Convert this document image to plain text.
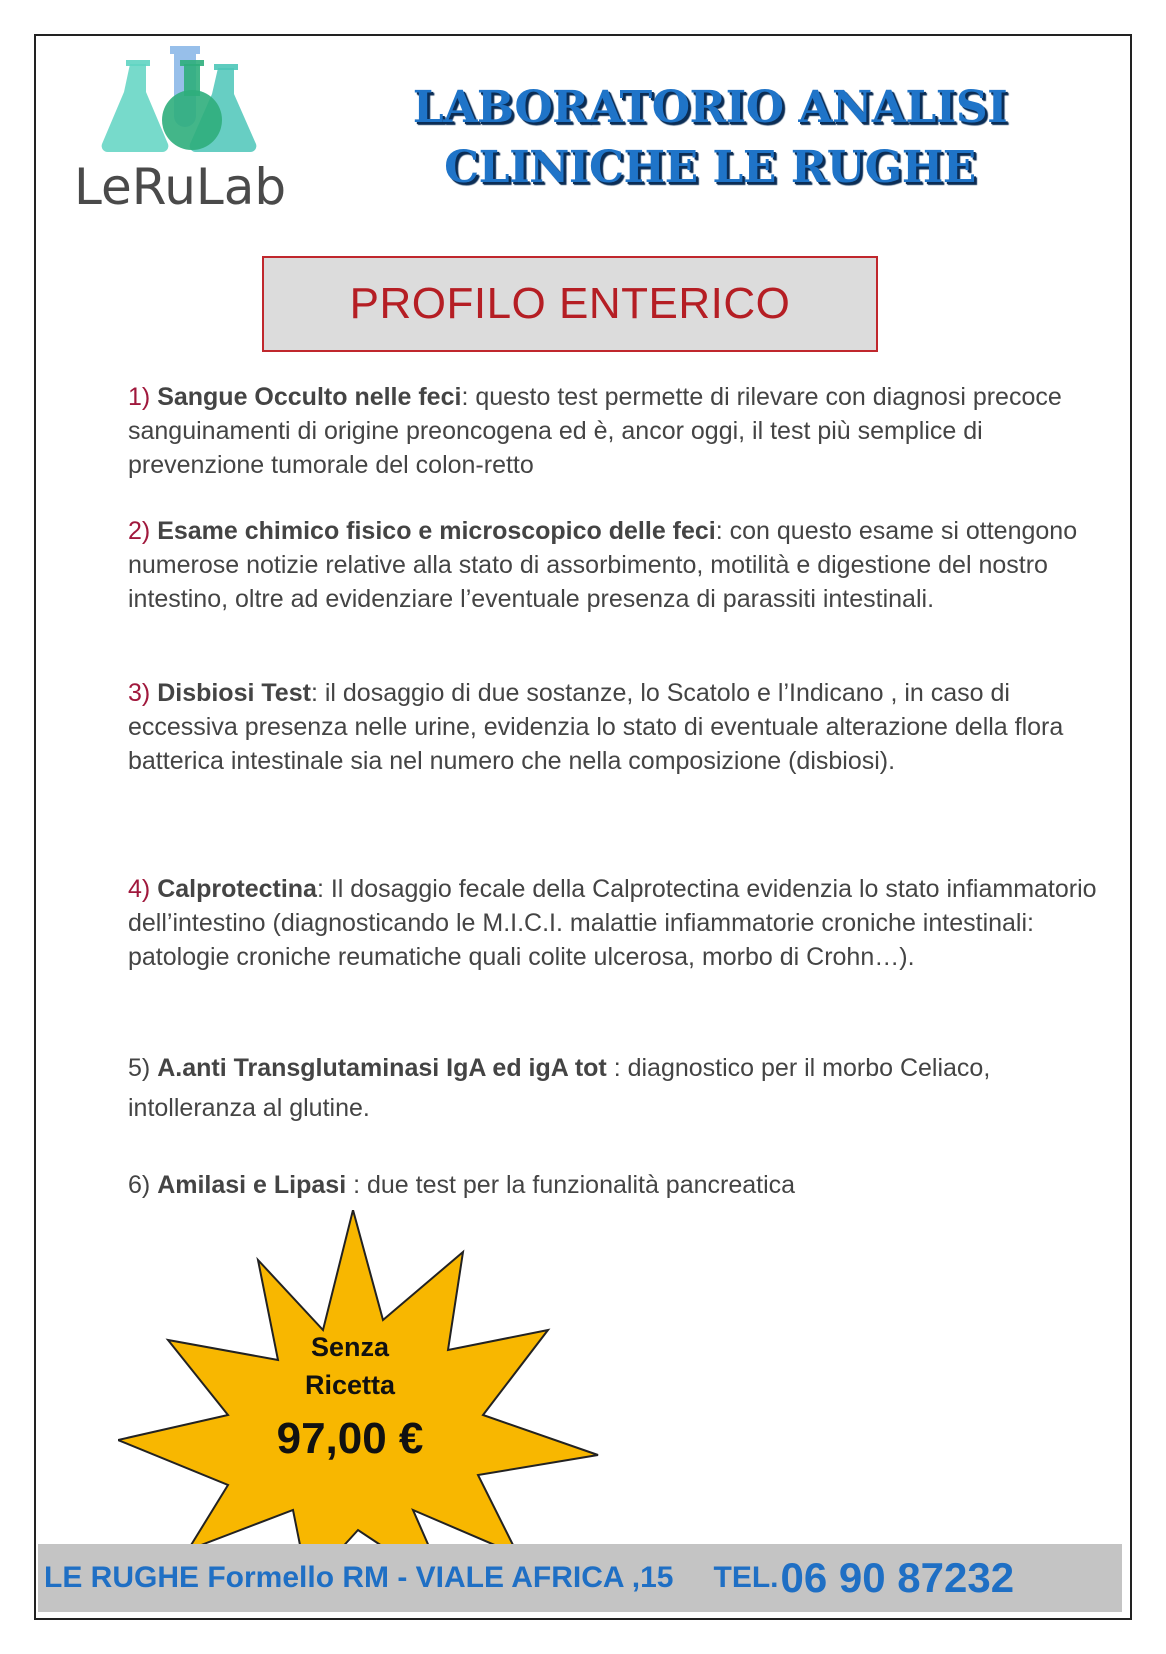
LeRuLab
LABORATORIO ANALISI
CLINICHE LE RUGHE
PROFILO ENTERICO
1) Sangue Occulto nelle feci: questo test permette di rilevare con diagnosi precoce sanguinamenti di origine preoncogena ed è, ancor oggi, il test più semplice di prevenzione tumorale del colon-retto
2) Esame chimico fisico e microscopico delle feci: con questo esame si ottengono numerose notizie relative alla stato di assorbimento, motilità e digestione del nostro intestino, oltre ad evidenziare l’eventuale presenza di parassiti intestinali.
3) Disbiosi Test: il dosaggio di due sostanze, lo Scatolo e l’Indicano , in caso di eccessiva presenza nelle urine, evidenzia lo stato di eventuale alterazione della flora batterica intestinale sia nel numero che nella composizione (disbiosi).
4) Calprotectina: Il dosaggio fecale della Calprotectina evidenzia lo stato infiammatorio dell’intestino (diagnosticando le M.I.C.I. malattie infiammatorie croniche intestinali: patologie croniche reumatiche quali colite ulcerosa, morbo di Crohn…).
5) A.anti Transglutaminasi IgA ed igA tot : diagnostico per il morbo Celiaco, intolleranza al glutine.
6) Amilasi e Lipasi : due test per la funzionalità pancreatica
Senza
Ricetta
97,00 €
LE RUGHE Formello RM - VIALE AFRICA ,15 TEL. 06 90 87232
